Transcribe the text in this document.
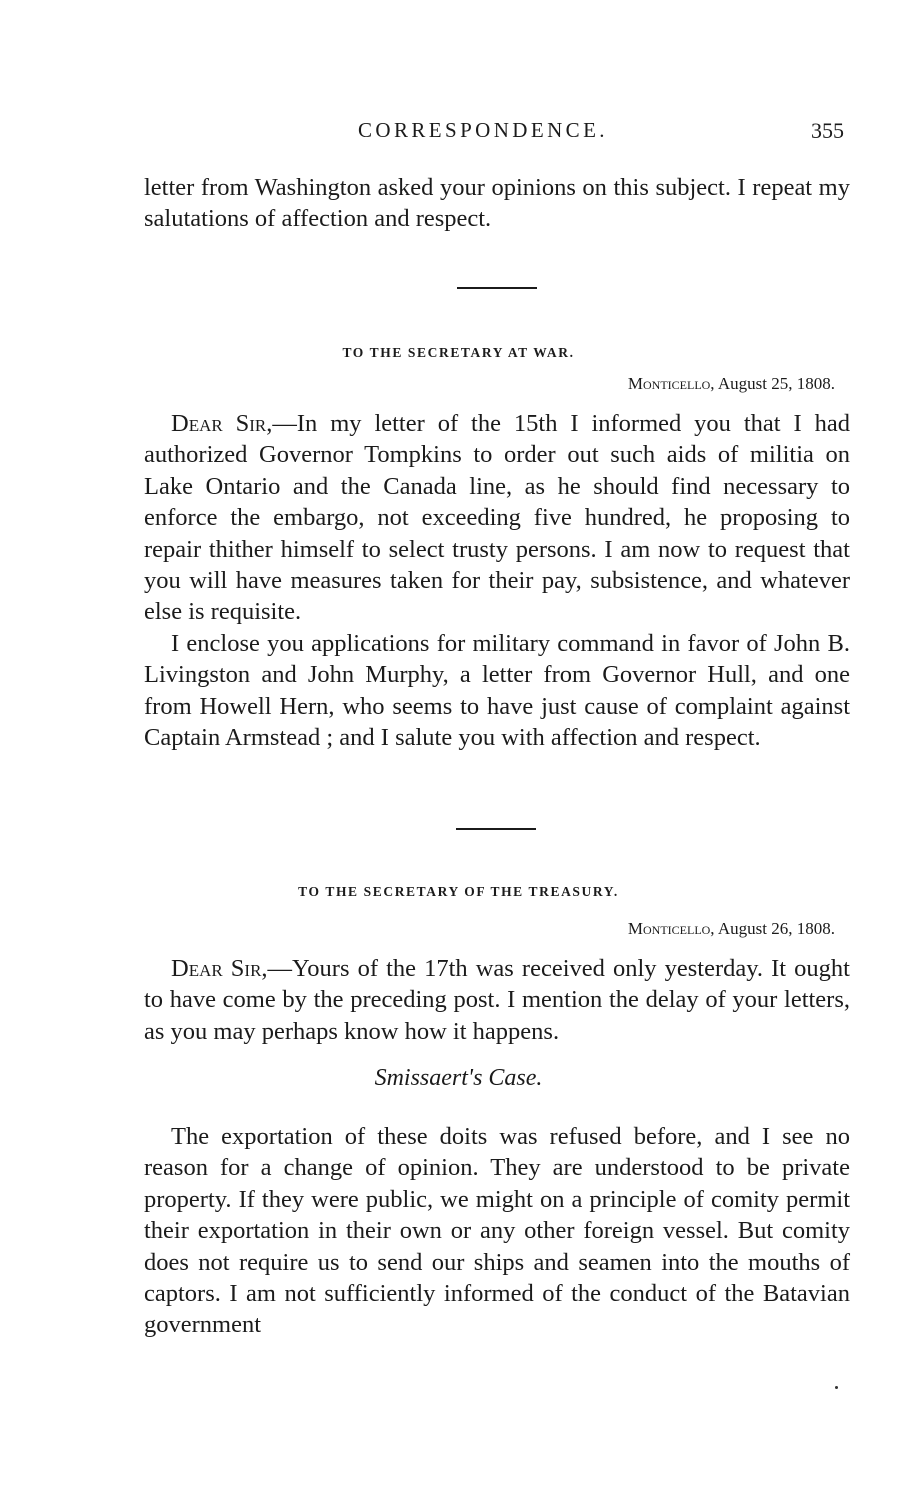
CORRESPONDENCE.	355

letter from Washington asked your opinions on this subject. I repeat my salutations of affection and respect.

TO THE SECRETARY AT WAR.

Monticello, August 25, 1808.

Dear Sir,—In my letter of the 15th I informed you that I had authorized Governor Tompkins to order out such aids of militia on Lake Ontario and the Canada line, as he should find necessary to enforce the embargo, not exceeding five hundred, he proposing to repair thither himself to select trusty persons. I am now to request that you will have measures taken for their pay, subsistence, and whatever else is requisite.

I enclose you applications for military command in favor of John B. Livingston and John Murphy, a letter from Governor Hull, and one from Howell Hern, who seems to have just cause of complaint against Captain Armstead ; and I salute you with affection and respect.

TO THE SECRETARY OF THE TREASURY.

Monticello, August 26, 1808.

Dear Sir,—Yours of the 17th was received only yesterday. It ought to have come by the preceding post. I mention the delay of your letters, as you may perhaps know how it happens.

Smissaert's Case.

The exportation of these doits was refused before, and I see no reason for a change of opinion. They are understood to be private property. If they were public, we might on a principle of comity permit their exportation in their own or any other foreign vessel. But comity does not require us to send our ships and seamen into the mouths of captors. I am not sufficiently informed of the conduct of the Batavian government
